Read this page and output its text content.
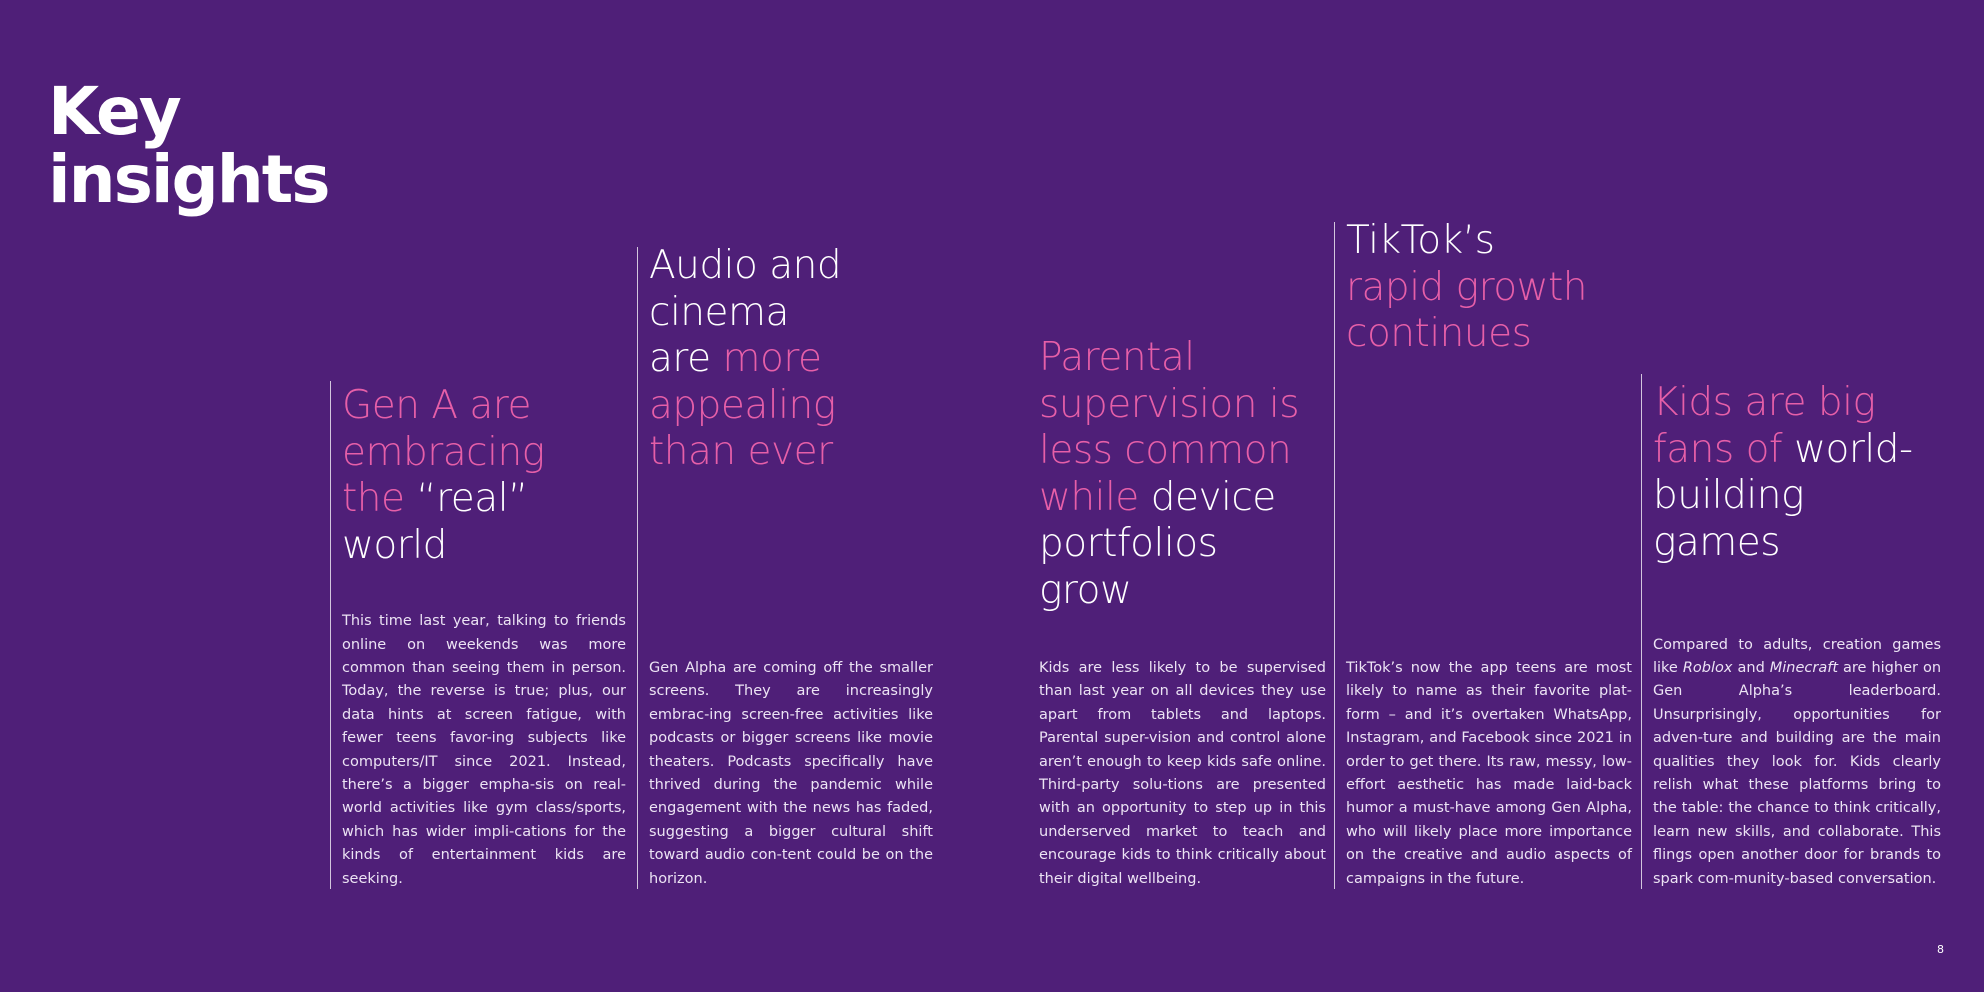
Key
insights
Gen A are
embracing
the “real”
world

This time last year, talking to friends online on weekends was more common than seeing them in person. Today, the reverse is true; plus, our data hints at screen fatigue, with fewer teens favor-ing subjects like computers/IT since 2021. Instead, there’s a bigger empha-sis on real-world activities like gym class/sports, which has wider impli-cations for the kinds of entertainment kids are seeking.

Audio and
cinema
are more
appealing
than ever

Gen Alpha are coming off the smaller screens. They are increasingly embrac-ing screen-free activities like podcasts or bigger screens like movie theaters. Podcasts specifically have thrived during the pandemic while engagement with the news has faded, suggesting a bigger cultural shift toward audio con-tent could be on the horizon.

Parental
supervision is
less common
while device
portfolios
grow

Kids are less likely to be supervised than last year on all devices they use apart from tablets and laptops. Parental super-vision and control alone aren’t enough to keep kids safe online. Third-party solu-tions are presented with an opportunity to step up in this underserved market to teach and encourage kids to think critically about their digital wellbeing.

TikTok’s
rapid growth
continues

TikTok’s now the app teens are most likely to name as their favorite plat-form – and it’s overtaken WhatsApp, Instagram, and Facebook since 2021 in order to get there. Its raw, messy, low-effort aesthetic has made laid-back humor a must-have among Gen Alpha, who will likely place more importance on the creative and audio aspects of campaigns in the future.

Kids are big
fans of world-
building
games

Compared to adults, creation games like Roblox and Minecraft are higher on Gen Alpha’s leaderboard. Unsurprisingly, opportunities for adven-ture and building are the main qualities they look for. Kids clearly relish what these platforms bring to the table: the chance to think critically, learn new skills, and collaborate. This flings open another door for brands to spark com-munity-based conversation.

8
